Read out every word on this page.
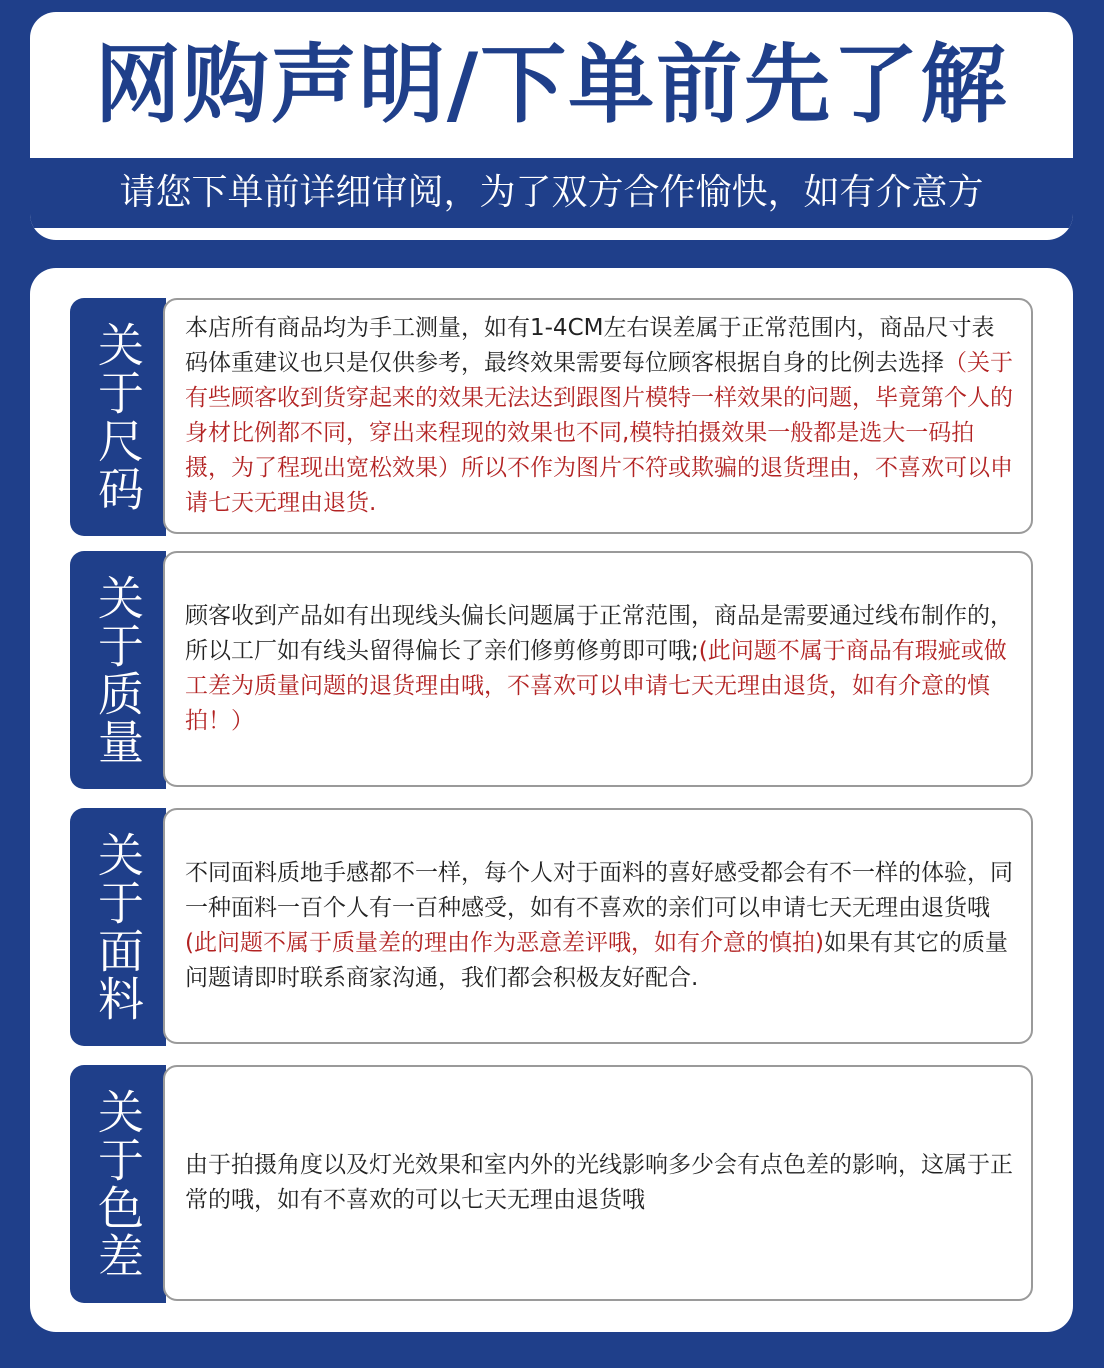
网购声明/下单前先了解
请您下单前详细审阅，为了双方合作愉快，如有介意方
关于尺码 本店所有商品均为手工测量，如有1-4CM左右误差属于正常范围内，商品尺寸表码体重建议也只是仅供参考，最终效果需要每位顾客根据自身的比例去选择（关于有些顾客收到货穿起来的效果无法达到跟图片模特一样效果的问题，毕竟第个人的身材比例都不同，穿出来程现的效果也不同,模特拍摄效果一般都是选大一码拍摄，为了程现出宽松效果）所以不作为图片不符或欺骗的退货理由，不喜欢可以申请七天无理由退货.
关于质量 顾客收到产品如有出现线头偏长问题属于正常范围，商品是需要通过线布制作的，所以工厂如有线头留得偏长了亲们修剪修剪即可哦;(此问题不属于商品有瑕疵或做工差为质量问题的退货理由哦，不喜欢可以申请七天无理由退货，如有介意的慎拍！）
关于面料 不同面料质地手感都不一样，每个人对于面料的喜好感受都会有不一样的体验，同一种面料一百个人有一百种感受，如有不喜欢的亲们可以申请七天无理由退货哦(此问题不属于质量差的理由作为恶意差评哦，如有介意的慎拍)如果有其它的质量问题请即时联系商家沟通，我们都会积极友好配合.
关于色差 由于拍摄角度以及灯光效果和室内外的光线影响多少会有点色差的影响，这属于正常的哦，如有不喜欢的可以七天无理由退货哦
